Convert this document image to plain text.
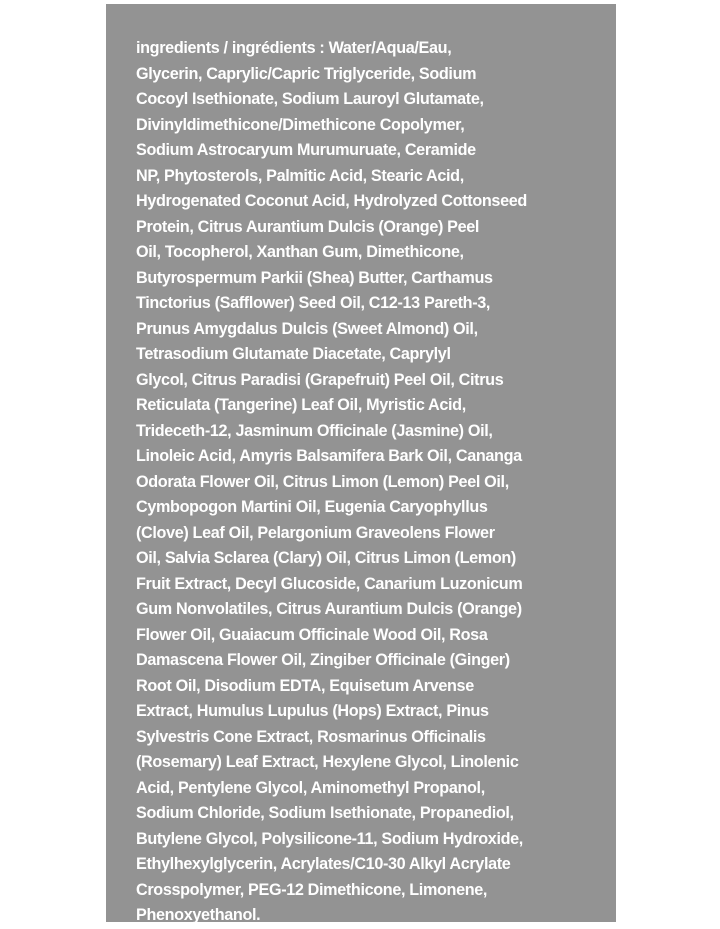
ingredients / ingrédients : Water/Aqua/Eau,
Glycerin, Caprylic/Capric Triglyceride, Sodium
Cocoyl Isethionate, Sodium Lauroyl Glutamate,
Divinyldimethicone/Dimethicone Copolymer,
Sodium Astrocaryum Murumuruate, Ceramide
NP, Phytosterols, Palmitic Acid, Stearic Acid,
Hydrogenated Coconut Acid, Hydrolyzed Cottonseed
Protein, Citrus Aurantium Dulcis (Orange) Peel
Oil, Tocopherol, Xanthan Gum, Dimethicone,
Butyrospermum Parkii (Shea) Butter, Carthamus
Tinctorius (Safflower) Seed Oil, C12-13 Pareth-3,
Prunus Amygdalus Dulcis (Sweet Almond) Oil,
Tetrasodium Glutamate Diacetate, Caprylyl
Glycol, Citrus Paradisi (Grapefruit) Peel Oil, Citrus
Reticulata (Tangerine) Leaf Oil, Myristic Acid,
Trideceth-12, Jasminum Officinale (Jasmine) Oil,
Linoleic Acid, Amyris Balsamifera Bark Oil, Cananga
Odorata Flower Oil, Citrus Limon (Lemon) Peel Oil,
Cymbopogon Martini Oil, Eugenia Caryophyllus
(Clove) Leaf Oil, Pelargonium Graveolens Flower
Oil, Salvia Sclarea (Clary) Oil, Citrus Limon (Lemon)
Fruit Extract, Decyl Glucoside, Canarium Luzonicum
Gum Nonvolatiles, Citrus Aurantium Dulcis (Orange)
Flower Oil, Guaiacum Officinale Wood Oil, Rosa
Damascena Flower Oil, Zingiber Officinale (Ginger)
Root Oil, Disodium EDTA, Equisetum Arvense
Extract, Humulus Lupulus (Hops) Extract, Pinus
Sylvestris Cone Extract, Rosmarinus Officinalis
(Rosemary) Leaf Extract, Hexylene Glycol, Linolenic
Acid, Pentylene Glycol, Aminomethyl Propanol,
Sodium Chloride, Sodium Isethionate, Propanediol,
Butylene Glycol, Polysilicone-11, Sodium Hydroxide,
Ethylhexylglycerin, Acrylates/C10-30 Alkyl Acrylate
Crosspolymer, PEG-12 Dimethicone, Limonene,
Phenoxyethanol.
